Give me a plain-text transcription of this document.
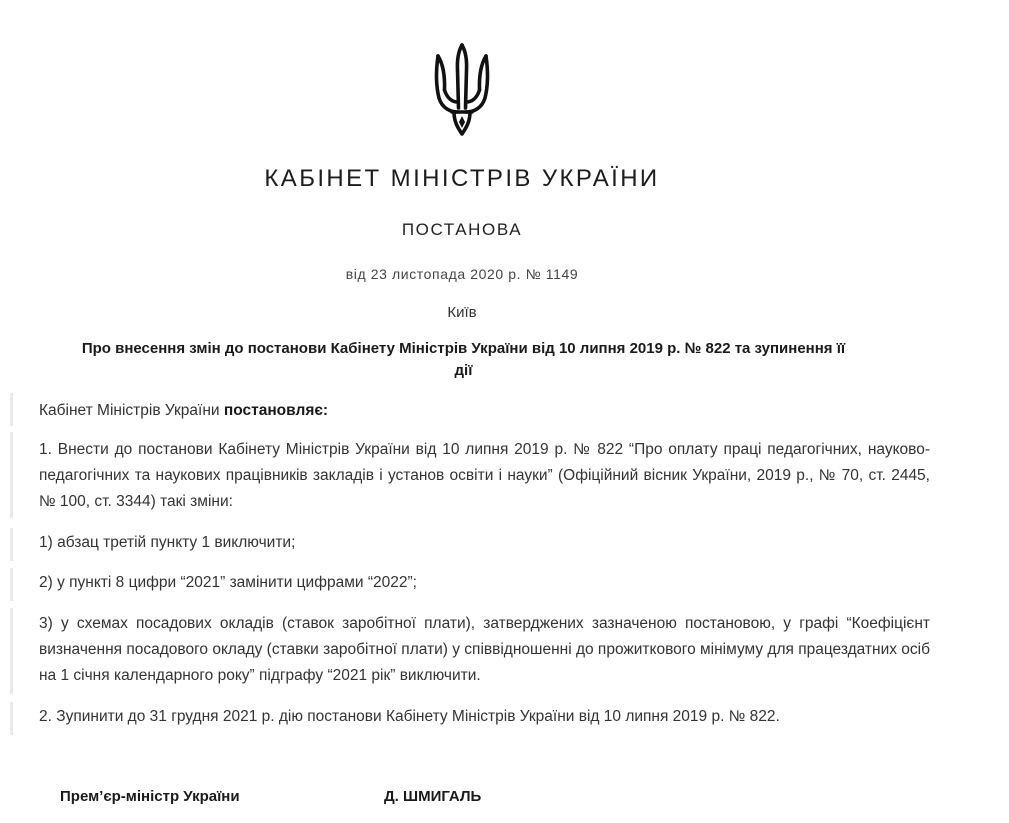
КАБІНЕТ МІНІСТРІВ УКРАЇНИ
ПОСТАНОВА
від 23 листопада 2020 р. № 1149
Київ
Про внесення змін до постанови Кабінету Міністрів України від 10 липня 2019 р. № 822 та зупинення її дії

Кабінет Міністрів України постановляє:

1. Внести до постанови Кабінету Міністрів України від 10 липня 2019 р. № 822 “Про оплату праці педагогічних, науково-педагогічних та наукових працівників закладів і установ освіти і науки” (Офіційний вісник України, 2019 р., № 70, ст. 2445, № 100, ст. 3344) такі зміни:

1) абзац третій пункту 1 виключити;

2) у пункті 8 цифри “2021” замінити цифрами “2022”;

3) у схемах посадових окладів (ставок заробітної плати), затверджених зазначеною постановою, у графі “Коефіцієнт визначення посадового окладу (ставки заробітної плати) у співвідношенні до прожиткового мінімуму для працездатних осіб на 1 січня календарного року” підграфу “2021 рік” виключити.

2. Зупинити до 31 грудня 2021 р. дію постанови Кабінету Міністрів України від 10 липня 2019 р. № 822.

Прем’єр-міністр України	Д. ШМИГАЛЬ
